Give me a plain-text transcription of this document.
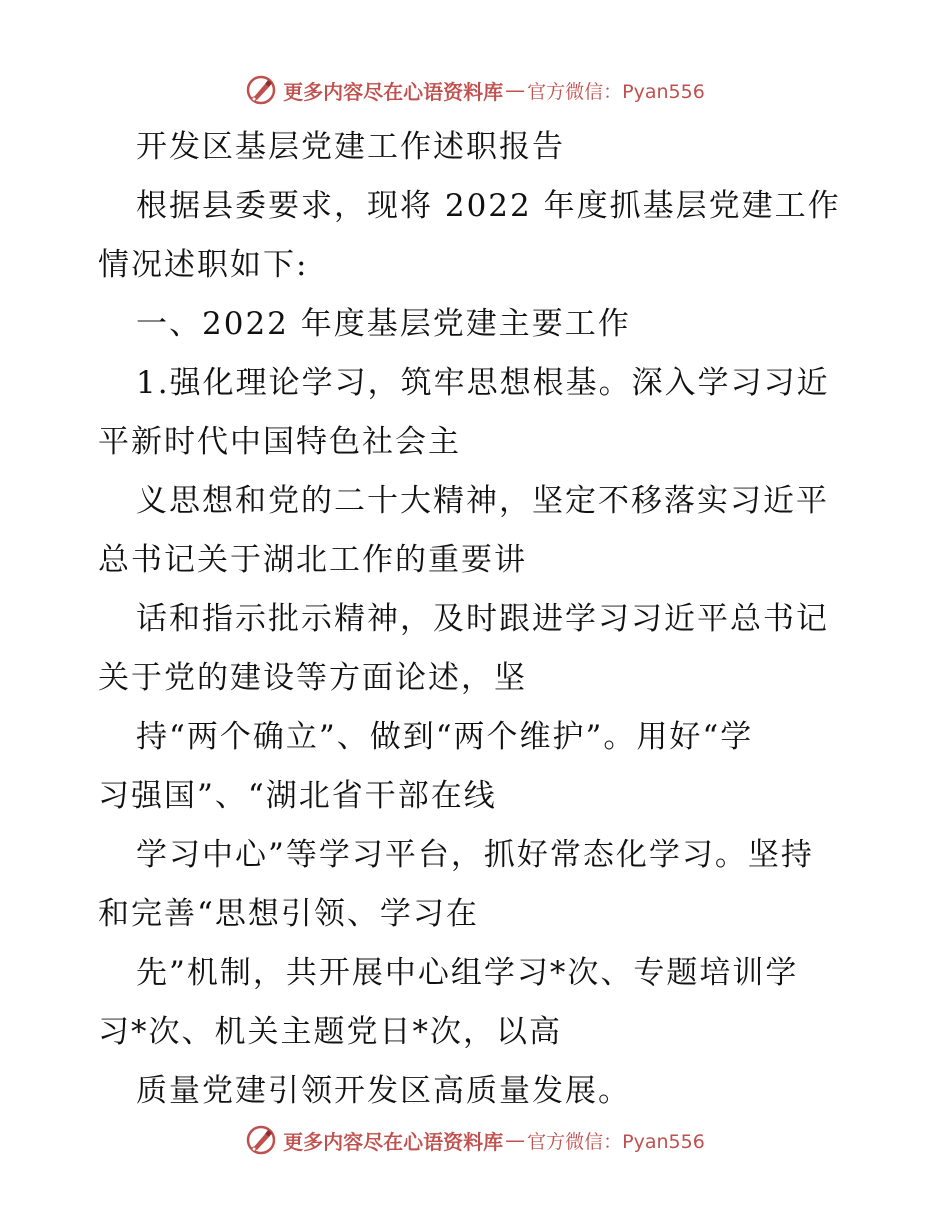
更多内容尽在心语资料库 — 官方微信：Pyan556
开发区基层党建工作述职报告
根据县委要求，现将 2022 年度抓基层党建工作
情况述职如下:
一、2022 年度基层党建主要工作
1.强化理论学习，筑牢思想根基。深入学习习近
平新时代中国特色社会主
义思想和党的二十大精神，坚定不移落实习近平
总书记关于湖北工作的重要讲
话和指示批示精神，及时跟进学习习近平总书记
关于党的建设等方面论述，坚
持“两个确立”、做到“两个维护”。用好“学
习强国”、“湖北省干部在线
学习中心”等学习平台，抓好常态化学习。坚持
和完善“思想引领、学习在
先”机制，共开展中心组学习*次、专题培训学
习*次、机关主题党日*次，以高
质量党建引领开发区高质量发展。
更多内容尽在心语资料库 — 官方微信：Pyan556
